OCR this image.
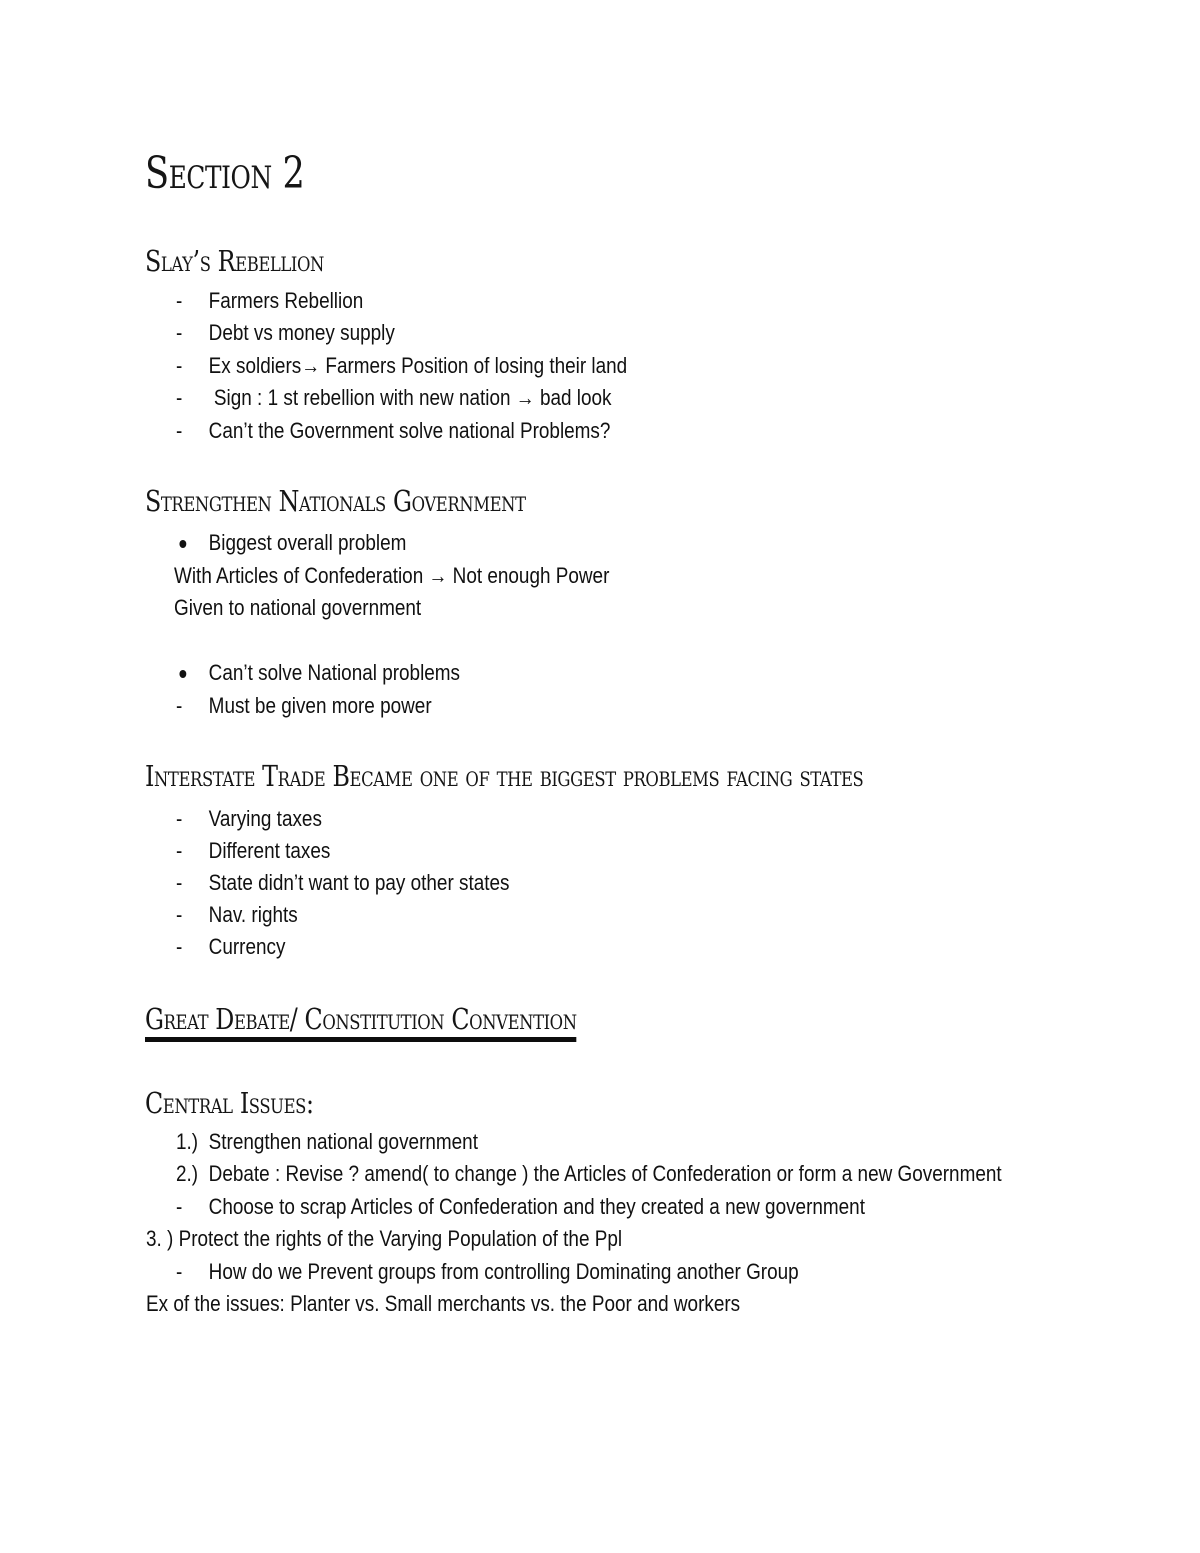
Section 2
Slay’s Rebellion

- Farmers Rebellion

- Debt vs money supply

- Ex soldiers→ Farmers Position of losing their land

- Sign : 1 st rebellion with new nation → bad look

- Can’t the Government solve national Problems?

Strengthen Nationals Government

Biggest overall problem

With Articles of Confederation → Not enough Power

Given to national government

Can’t solve National problems

- Must be given more power

Interstate Trade Became one of the biggest problems facing states

- Varying taxes

- Different taxes

- State didn’t want to pay other states

- Nav. rights

- Currency

Great Debate/ Constitution Convention
Central Issues:

1.) Strengthen national government

2.) Debate : Revise ? amend( to change ) the Articles of Confederation or form a new Government

- Choose to scrap Articles of Confederation and they created a new government

3. ) Protect the rights of the Varying Population of the Ppl

- How do we Prevent groups from controlling Dominating another Group

Ex of the issues: Planter vs. Small merchants vs. the Poor and workers
